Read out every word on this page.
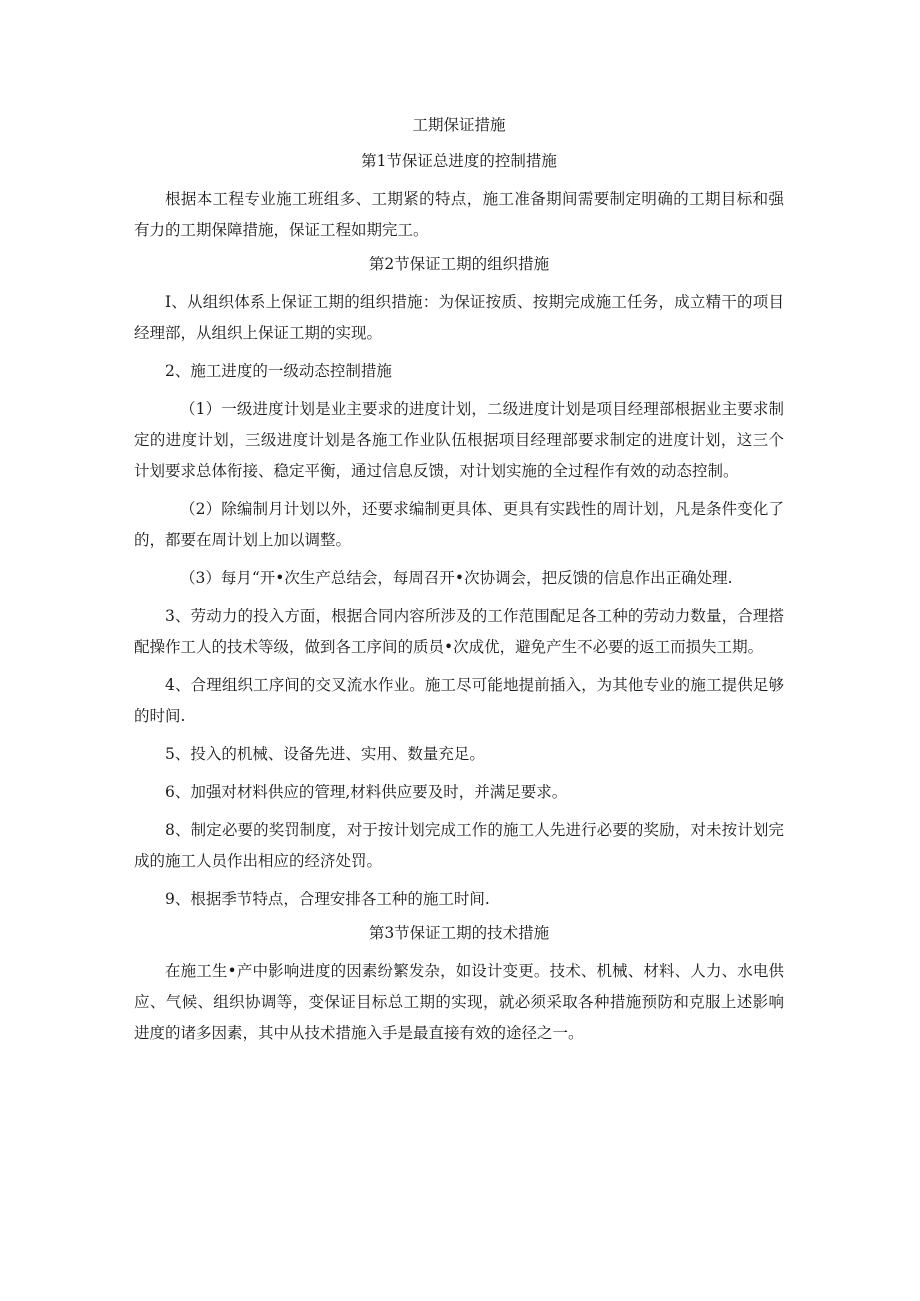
工期保证措施
第1节保证总进度的控制措施

根据本工程专业施工班组多、工期紧的特点，施工准备期间需要制定明确的工期目标和强有力的工期保障措施，保证工程如期完工。

第2节保证工期的组织措施

I、从组织体系上保证工期的组织措施：为保证按质、按期完成施工任务，成立精干的项目经理部，从组织上保证工期的实现。

2、施工进度的一级动态控制措施

（1）一级进度计划是业主要求的进度计划，二级进度计划是项目经理部根据业主要求制定的进度计划，三级进度计划是各施工作业队伍根据项目经理部要求制定的进度计划，这三个计划要求总体衔接、稳定平衡，通过信息反馈，对计划实施的全过程作有效的动态控制。

（2）除编制月计划以外，还要求编制更具体、更具有实践性的周计划，凡是条件变化了的，都要在周计划上加以调整。

（3）每月“开•次生产总结会，每周召开•次协调会，把反馈的信息作出正确处理.

3、劳动力的投入方面，根据合同内容所涉及的工作范围配足各工种的劳动力数量，合理搭配操作工人的技术等级，做到各工序间的质员•次成优，避免产生不必要的返工而损失工期。

4、合理组织工序间的交叉流水作业。施工尽可能地提前插入，为其他专业的施工提供足够的时间.

5、投入的机械、设备先进、实用、数量充足。

6、加强对材料供应的管理,材料供应要及时，并满足要求。

8、制定必要的奖罚制度，对于按计划完成工作的施工人先进行必要的奖励，对未按计划完成的施工人员作出相应的经济处罚。

9、根据季节特点，合理安排各工种的施工时间.

第3节保证工期的技术措施

在施工生•产中影响进度的因素纷繁发杂，如设计变更。技术、机械、材料、人力、水电供应、气候、组织协调等，变保证目标总工期的实现，就必须采取各种措施预防和克服上述影响进度的诸多因素，其中从技术措施入手是最直接有效的途径之一。
